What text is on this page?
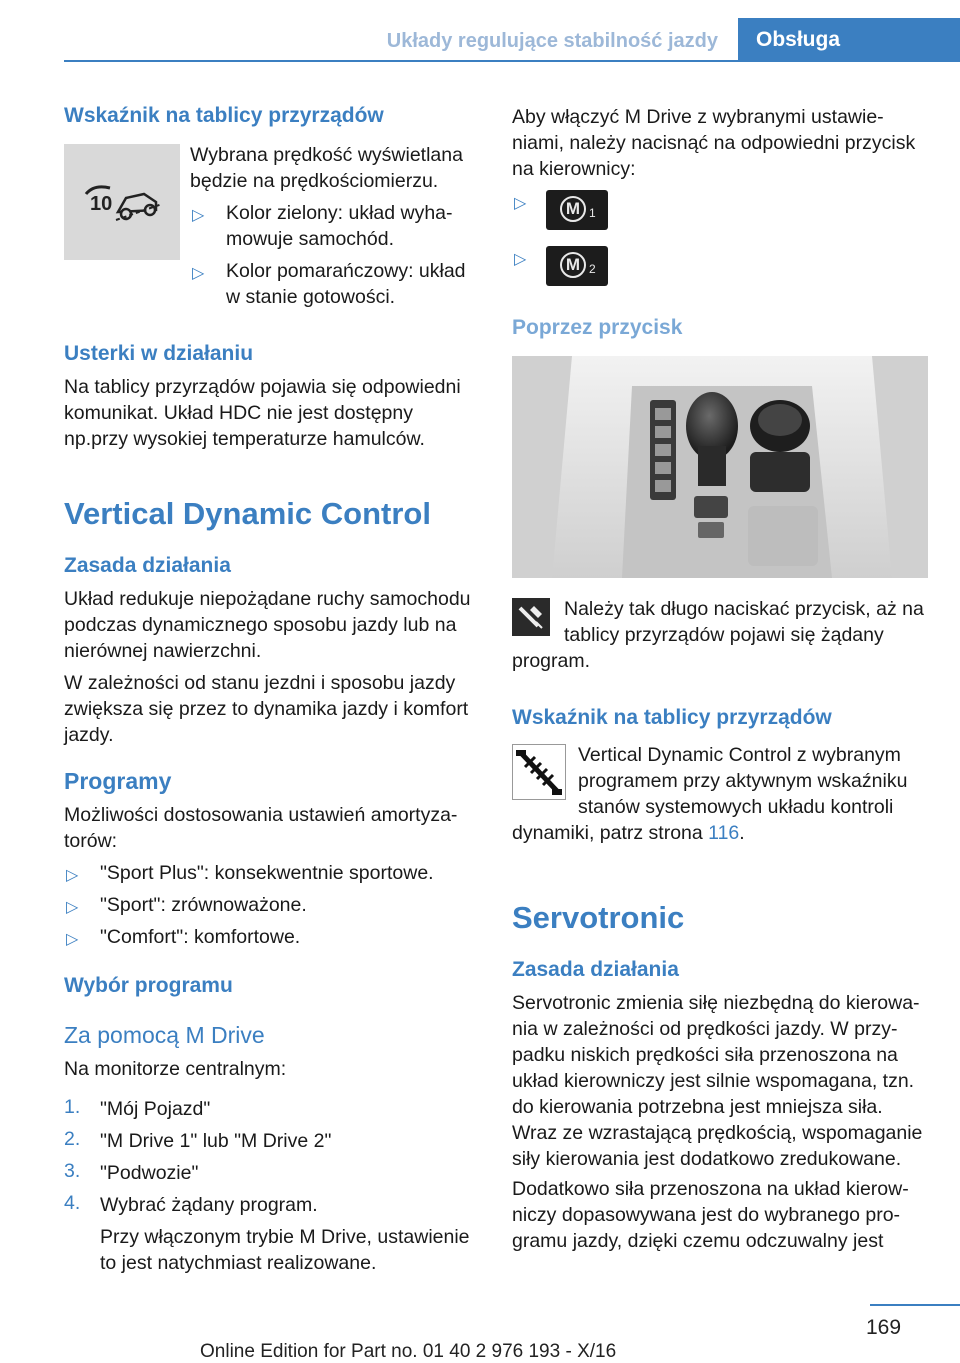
Układy regulujące stabilność jazdy Obsługa
Wskaźnik na tablicy przyrządów
10
Wybrana prędkość wyświetlana
będzie na prędkościomierzu.
▷ Kolor zielony: układ wyha‐
mowuje samochód.
▷ Kolor pomarańczowy: układ
w stanie gotowości.
Usterki w działaniu
Na tablicy przyrządów pojawia się odpowiedni
komunikat. Układ HDC nie jest dostępny
np.przy wysokiej temperaturze hamulców.
Vertical Dynamic Control
Zasada działania
Układ redukuje niepożądane ruchy samochodu
podczas dynamicznego sposobu jazdy lub na
nierównej nawierzchni.
W zależności od stanu jezdni i sposobu jazdy
zwiększa się przez to dynamika jazdy i komfort
jazdy.
Programy
Możliwości dostosowania ustawień amortyza‐
torów:
▷ "Sport Plus": konsekwentnie sportowe.
▷ "Sport": zrównoważone.
▷ "Comfort": komfortowe.
Wybór programu
Za pomocą M Drive
Na monitorze centralnym:
1. "Mój Pojazd"
2. "M Drive 1" lub "M Drive 2"
3. "Podwozie"
4. Wybrać żądany program.
Przy włączonym trybie M Drive, ustawienie
to jest natychmiast realizowane.
Aby włączyć M Drive z wybranymi ustawie‐
niami, należy nacisnąć na odpowiedni przycisk
na kierownicy:
▷	M 1
▷	M 2
Poprzez przycisk
Należy tak długo naciskać przycisk, aż na
tablicy przyrządów pojawi się żądany
program.
Wskaźnik na tablicy przyrządów
Vertical Dynamic Control z wybranym
programem przy aktywnym wskaźniku
stanów systemowych układu kontroli
dynamiki, patrz strona 116.
Servotronic
Zasada działania
Servotronic zmienia siłę niezbędną do kierowa‐
nia w zależności od prędkości jazdy. W przy‐
padku niskich prędkości siła przenoszona na
układ kierowniczy jest silnie wspomagana, tzn.
do kierowania potrzebna jest mniejsza siła.
Wraz ze wzrastającą prędkością, wspomaganie
siły kierowania jest dodatkowo zredukowane.
Dodatkowo siła przenoszona na układ kierow‐
niczy dopasowywana jest do wybranego pro‐
gramu jazdy, dzięki czemu odczuwalny jest
169
Online Edition for Part no. 01 40 2 976 193 - X/16
